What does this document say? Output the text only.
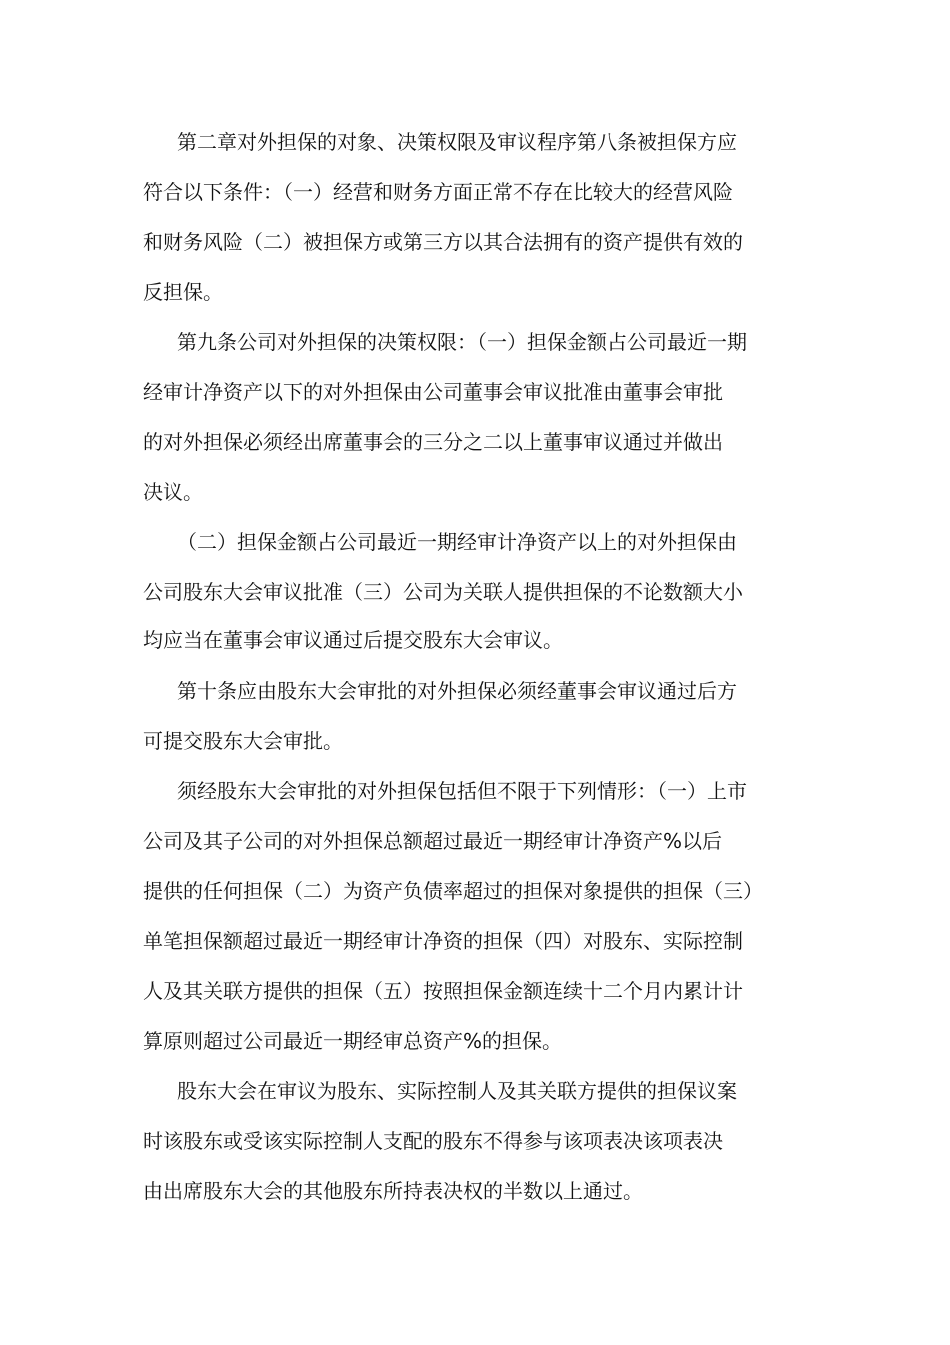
第二章对外担保的对象、决策权限及审议程序第八条被担保方应
符合以下条件：（一）经营和财务方面正常不存在比较大的经营风险
和财务风险（二）被担保方或第三方以其合法拥有的资产提供有效的
反担保。
第九条公司对外担保的决策权限：（一）担保金额占公司最近一期
经审计净资产以下的对外担保由公司董事会审议批准由董事会审批
的对外担保必须经出席董事会的三分之二以上董事审议通过并做出
决议。
（二）担保金额占公司最近一期经审计净资产以上的对外担保由
公司股东大会审议批准（三）公司为关联人提供担保的不论数额大小
均应当在董事会审议通过后提交股东大会审议。
第十条应由股东大会审批的对外担保必须经董事会审议通过后方
可提交股东大会审批。
须经股东大会审批的对外担保包括但不限于下列情形：（一）上市
公司及其子公司的对外担保总额超过最近一期经审计净资产%以后
提供的任何担保（二）为资产负债率超过的担保对象提供的担保（三）
单笔担保额超过最近一期经审计净资的担保（四）对股东、实际控制
人及其关联方提供的担保（五）按照担保金额连续十二个月内累计计
算原则超过公司最近一期经审总资产%的担保。
股东大会在审议为股东、实际控制人及其关联方提供的担保议案
时该股东或受该实际控制人支配的股东不得参与该项表决该项表决
由出席股东大会的其他股东所持表决权的半数以上通过。
